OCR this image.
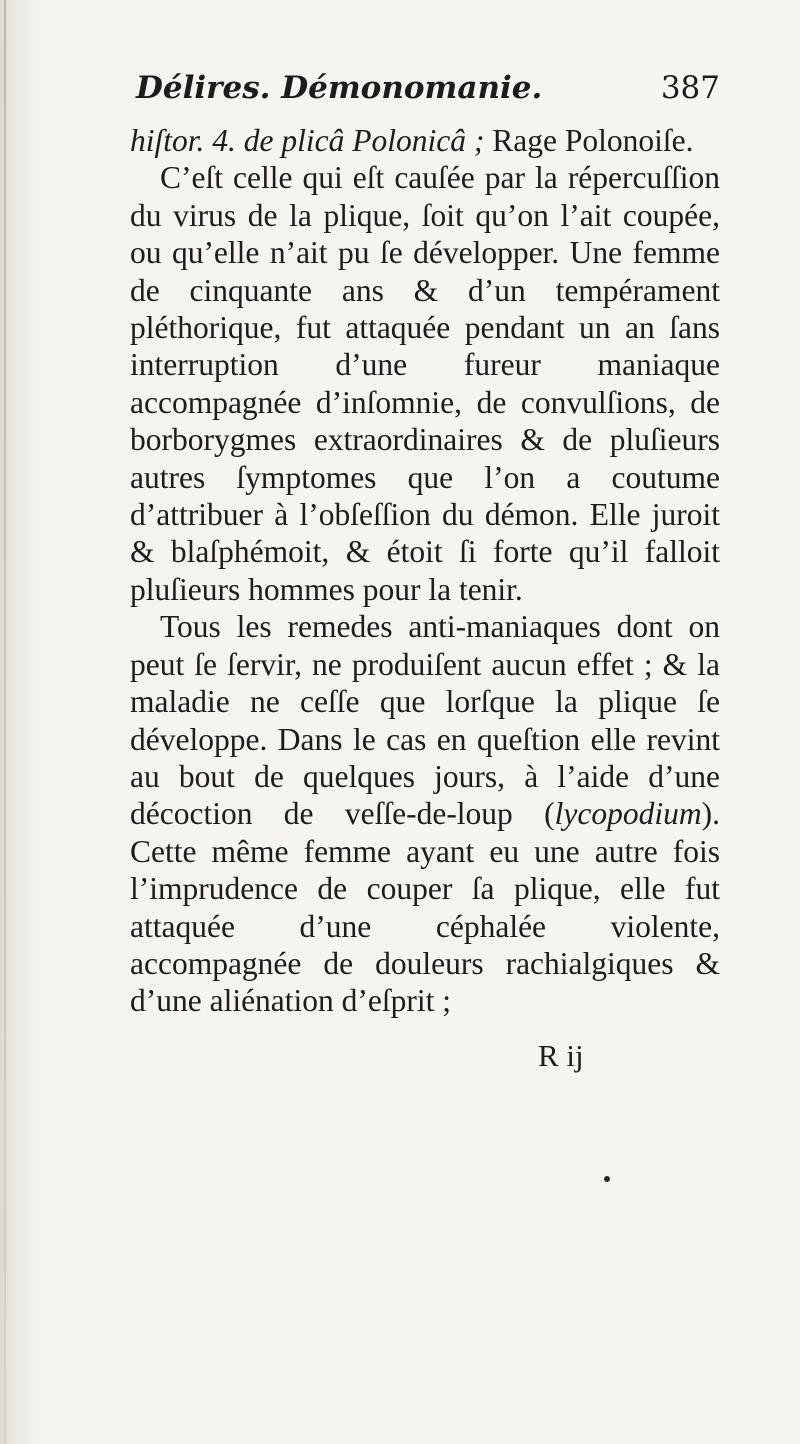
Délires. Démonomanie.	387

hiſtor. 4. de plicâ Polonicâ ; Rage Polonoiſe.

C’eſt celle qui eſt cauſée par la répercuſſion du virus de la plique, ſoit qu’on l’ait coupée, ou qu’elle n’ait pu ſe développer. Une femme de cinquante ans & d’un tempérament pléthorique, fut attaquée pendant un an ſans interruption d’une fureur maniaque accompagnée d’inſomnie, de convulſions, de borborygmes extraordinaires & de pluſieurs autres ſymptomes que l’on a coutume d’attribuer à l’obſeſſion du démon. Elle juroit & blaſphémoit, & étoit ſi forte qu’il falloit pluſieurs hommes pour la tenir.

Tous les remedes anti-maniaques dont on peut ſe ſervir, ne produiſent aucun effet ; & la maladie ne ceſſe que lorſque la plique ſe développe. Dans le cas en queſtion elle revint au bout de quelques jours, à l’aide d’une décoction de veſſe-de-loup (lycopodium). Cette même femme ayant eu une autre fois l’imprudence de couper ſa plique, elle fut attaquée d’une céphalée violente, accompagnée de douleurs rachialgiques & d’une aliénation d’eſprit ;

R ij
